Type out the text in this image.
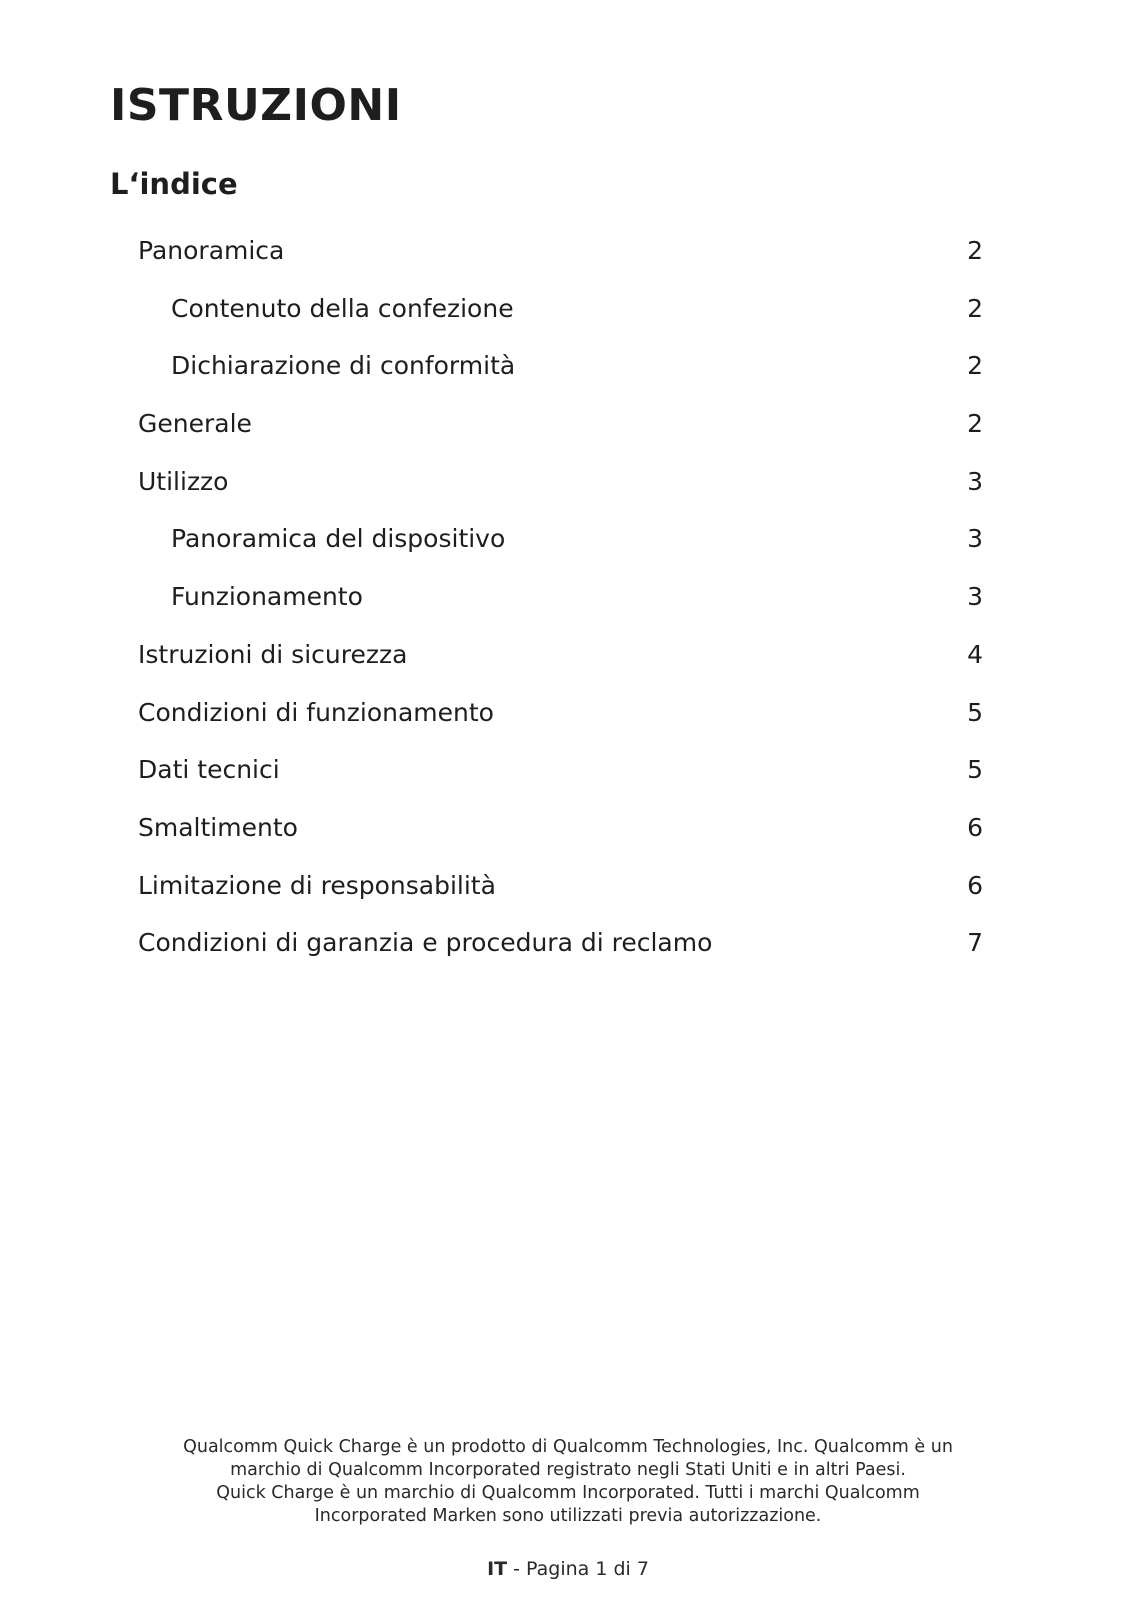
ISTRUZIONI
L‘indice
Panoramica	2
Contenuto della confezione	2
Dichiarazione di conformità	2
Generale	2
Utilizzo	3
Panoramica del dispositivo	3
Funzionamento	3
Istruzioni di sicurezza	4
Condizioni di funzionamento	5
Dati tecnici	5
Smaltimento	6
Limitazione di responsabilità	6
Condizioni di garanzia e procedura di reclamo	7

Qualcomm Quick Charge è un prodotto di Qualcomm Technologies, Inc. Qualcomm è un

marchio di Qualcomm Incorporated registrato negli Stati Uniti e in altri Paesi.

Quick Charge è un marchio di Qualcomm Incorporated. Tutti i marchi Qualcomm

Incorporated Marken sono utilizzati previa autorizzazione.

IT - Pagina 1 di 7
